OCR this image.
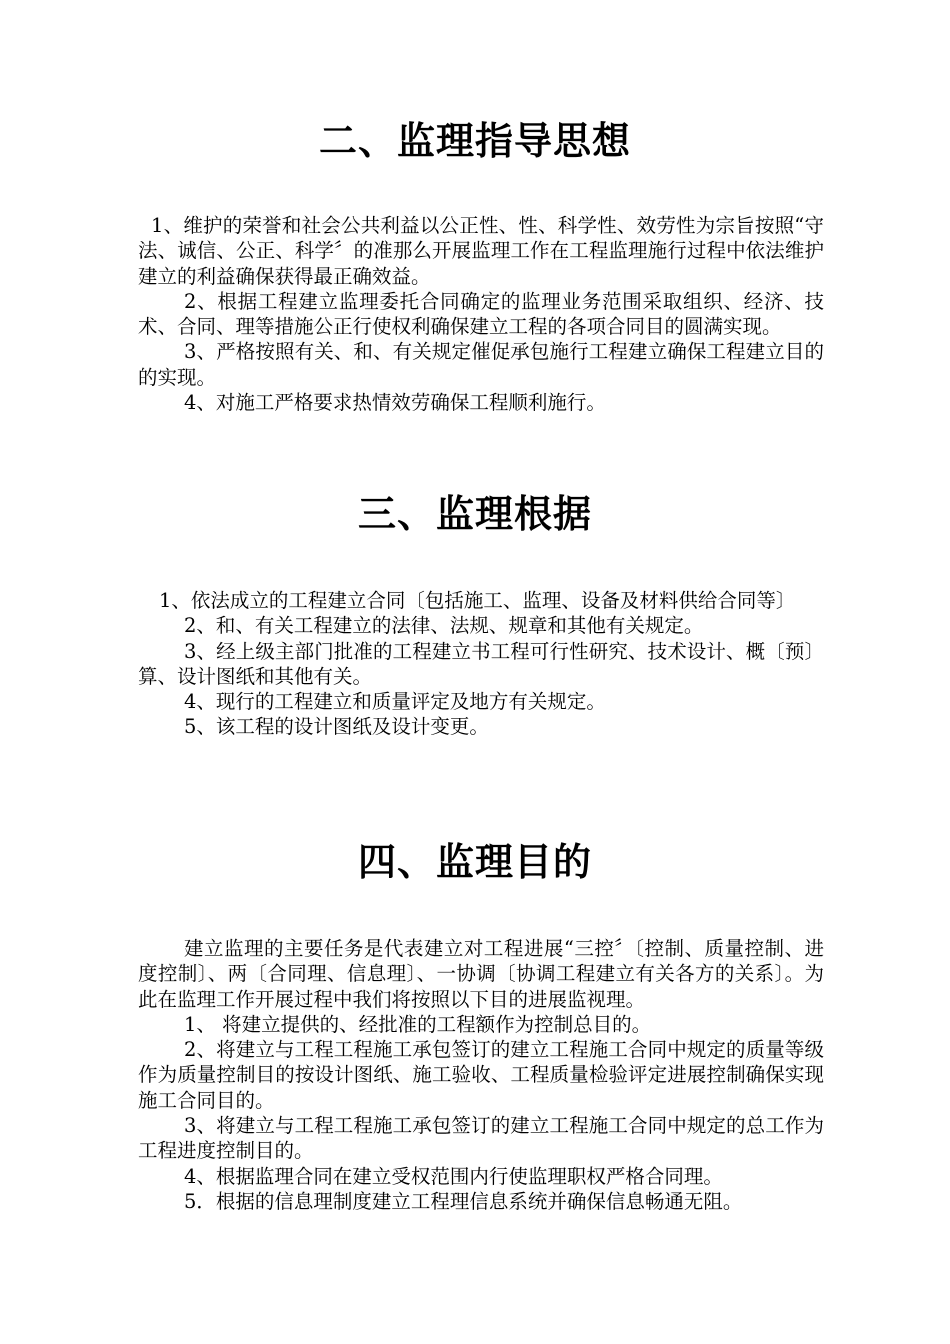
二、监理指导思想

1、维护的荣誉和社会公共利益以公正性、性、科学性、效劳性为宗旨按照“守法、诚信、公正、科学〞的准那么开展监理工作在工程监理施行过程中依法维护建立的利益确保获得最正确效益。

2、根据工程建立监理委托合同确定的监理业务范围采取组织、经济、技术、合同、理等措施公正行使权利确保建立工程的各项合同目的圆满实现。

3、严格按照有关、和、有关规定催促承包施行工程建立确保工程建立目的的实现。

4、对施工严格要求热情效劳确保工程顺利施行。

三、监理根据

1、依法成立的工程建立合同〔包括施工、监理、设备及材料供给合同等〕

2、和、有关工程建立的法律、法规、规章和其他有关规定。

3、经上级主部门批准的工程建立书工程可行性研究、技术设计、概〔预〕算、设计图纸和其他有关。

4、现行的工程建立和质量评定及地方有关规定。

5、该工程的设计图纸及设计变更。

四、监理目的

建立监理的主要任务是代表建立对工程进展“三控〞〔控制、质量控制、进度控制〕、两〔合同理、信息理〕、一协调〔协调工程建立有关各方的关系〕。为此在监理工作开展过程中我们将按照以下目的进展监视理。

1、 将建立提供的、经批准的工程额作为控制总目的。

2、将建立与工程工程施工承包签订的建立工程施工合同中规定的质量等级作为质量控制目的按设计图纸、施工验收、工程质量检验评定进展控制确保实现施工合同目的。

3、将建立与工程工程施工承包签订的建立工程施工合同中规定的总工作为工程进度控制目的。

4、根据监理合同在建立受权范围内行使监理职权严格合同理。

5．根据的信息理制度建立工程理信息系统并确保信息畅通无阻。
